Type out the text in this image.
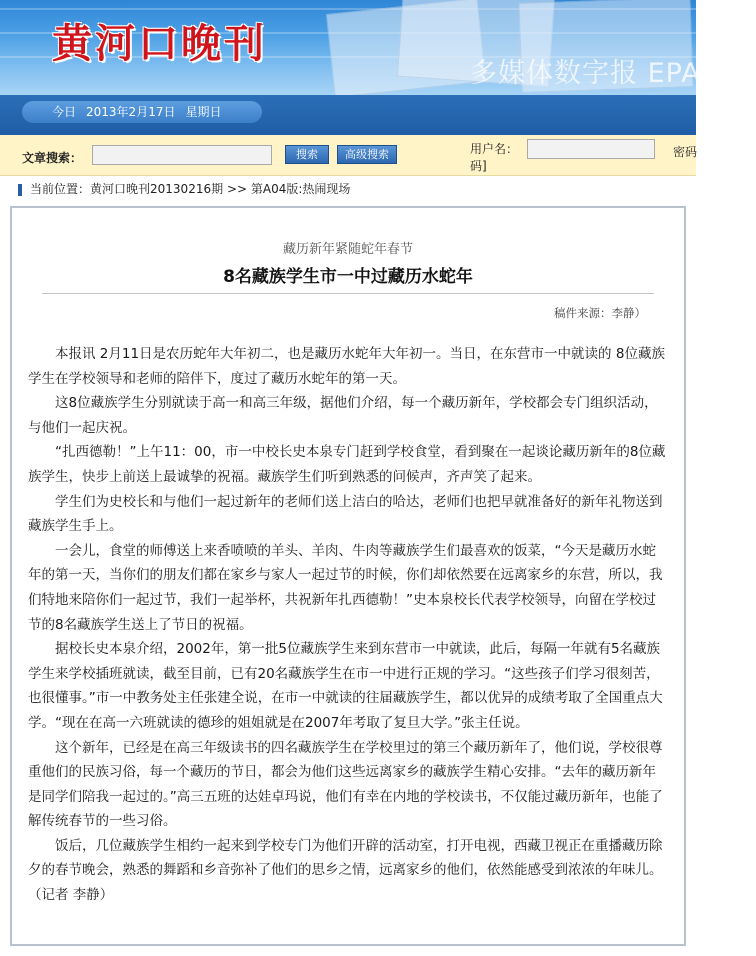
黄河口晚刊
多媒体数字报 EPAPER
今日 2013年2月17日 星期日
文章搜索：	搜索	高级搜索	用户名：码]
密码
当前位置：黄河口晚刊20130216期 >> 第A04版:热闹现场
藏历新年紧随蛇年春节
8名藏族学生市一中过藏历水蛇年
稿件来源：李静）

本报讯 2月11日是农历蛇年大年初二，也是藏历水蛇年大年初一。当日，在东营市一中就读的 8位藏族学生在学校领导和老师的陪伴下，度过了藏历水蛇年的第一天。

这8位藏族学生分别就读于高一和高三年级，据他们介绍，每一个藏历新年，学校都会专门组织活动，与他们一起庆祝。

“扎西德勒！”上午11：00，市一中校长史本泉专门赶到学校食堂，看到聚在一起谈论藏历新年的8位藏族学生，快步上前送上最诚挚的祝福。藏族学生们听到熟悉的问候声，齐声笑了起来。

学生们为史校长和与他们一起过新年的老师们送上洁白的哈达，老师们也把早就准备好的新年礼物送到藏族学生手上。

一会儿，食堂的师傅送上来香喷喷的羊头、羊肉、牛肉等藏族学生们最喜欢的饭菜，“今天是藏历水蛇年的第一天，当你们的朋友们都在家乡与家人一起过节的时候，你们却依然要在远离家乡的东营，所以，我们特地来陪你们一起过节，我们一起举杯，共祝新年扎西德勒！”史本泉校长代表学校领导，向留在学校过节的8名藏族学生送上了节日的祝福。

据校长史本泉介绍，2002年，第一批5位藏族学生来到东营市一中就读，此后，每隔一年就有5名藏族学生来学校插班就读，截至目前，已有20名藏族学生在市一中进行正规的学习。“这些孩子们学习很刻苦，也很懂事。”市一中教务处主任张建全说，在市一中就读的往届藏族学生，都以优异的成绩考取了全国重点大学。“现在在高一六班就读的德珍的姐姐就是在2007年考取了复旦大学。”张主任说。

这个新年，已经是在高三年级读书的四名藏族学生在学校里过的第三个藏历新年了，他们说，学校很尊重他们的民族习俗，每一个藏历的节日，都会为他们这些远离家乡的藏族学生精心安排。“去年的藏历新年是同学们陪我一起过的。”高三五班的达娃卓玛说，他们有幸在内地的学校读书，不仅能过藏历新年，也能了解传统春节的一些习俗。

饭后，几位藏族学生相约一起来到学校专门为他们开辟的活动室，打开电视，西藏卫视正在重播藏历除夕的春节晚会，熟悉的舞蹈和乡音弥补了他们的思乡之情，远离家乡的他们，依然能感受到浓浓的年味儿。

（记者 李静）
